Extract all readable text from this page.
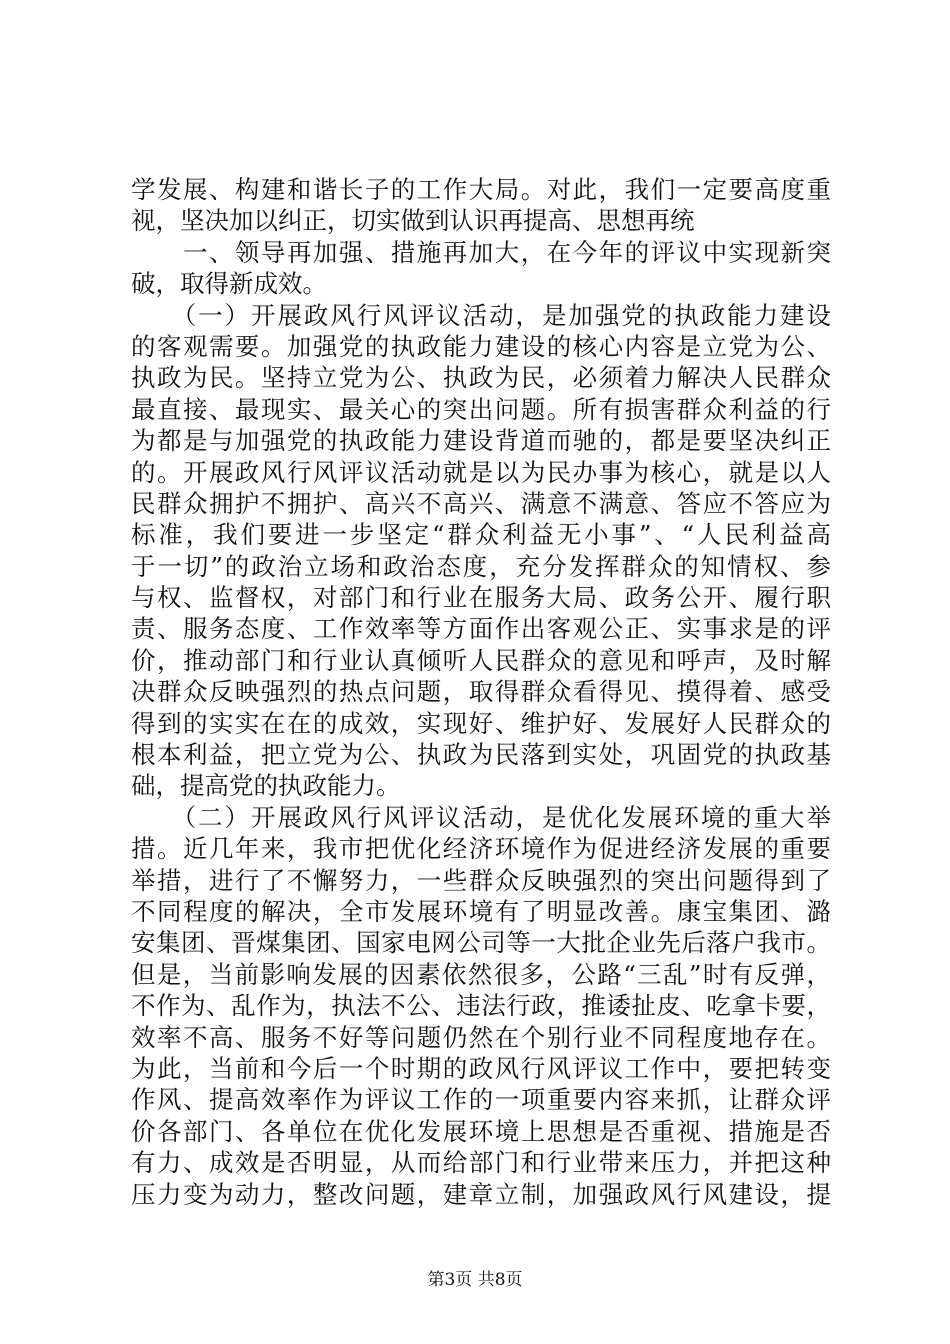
学发展、构建和谐长子的工作大局。对此，我们一定要高度重
视，坚决加以纠正，切实做到认识再提高、思想再统
　　一、领导再加强、措施再加大，在今年的评议中实现新突
破，取得新成效。
　　（一）开展政风行风评议活动，是加强党的执政能力建设
的客观需要。加强党的执政能力建设的核心内容是立党为公、
执政为民。坚持立党为公、执政为民，必须着力解决人民群众
最直接、最现实、最关心的突出问题。所有损害群众利益的行
为都是与加强党的执政能力建设背道而驰的，都是要坚决纠正
的。开展政风行风评议活动就是以为民办事为核心，就是以人
民群众拥护不拥护、高兴不高兴、满意不满意、答应不答应为
标准，我们要进一步坚定“群众利益无小事”、“人民利益高
于一切”的政治立场和政治态度，充分发挥群众的知情权、参
与权、监督权，对部门和行业在服务大局、政务公开、履行职
责、服务态度、工作效率等方面作出客观公正、实事求是的评
价，推动部门和行业认真倾听人民群众的意见和呼声，及时解
决群众反映强烈的热点问题，取得群众看得见、摸得着、感受
得到的实实在在的成效，实现好、维护好、发展好人民群众的
根本利益，把立党为公、执政为民落到实处，巩固党的执政基
础，提高党的执政能力。
　　（二）开展政风行风评议活动，是优化发展环境的重大举
措。近几年来，我市把优化经济环境作为促进经济发展的重要
举措，进行了不懈努力，一些群众反映强烈的突出问题得到了
不同程度的解决，全市发展环境有了明显改善。康宝集团、潞
安集团、晋煤集团、国家电网公司等一大批企业先后落户我市。
但是，当前影响发展的因素依然很多，公路“三乱”时有反弹，
不作为、乱作为，执法不公、违法行政，推诿扯皮、吃拿卡要，
效率不高、服务不好等问题仍然在个别行业不同程度地存在。
为此，当前和今后一个时期的政风行风评议工作中，要把转变
作风、提高效率作为评议工作的一项重要内容来抓，让群众评
价各部门、各单位在优化发展环境上思想是否重视、措施是否
有力、成效是否明显，从而给部门和行业带来压力，并把这种
压力变为动力，整改问题，建章立制，加强政风行风建设，提
第3页 共8页
